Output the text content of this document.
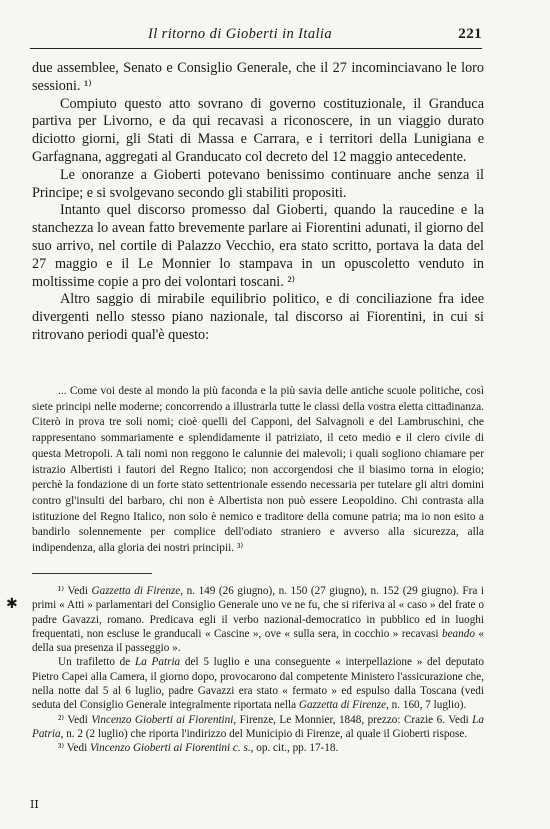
Il ritorno di Gioberti in Italia	221

due assemblee, Senato e Consiglio Generale, che il 27 incominciavano le loro sessioni. ¹⁾

Compiuto questo atto sovrano di governo costituzionale, il Granduca partiva per Livorno, e da qui recavasi a riconoscere, in un viaggio durato diciotto giorni, gli Stati di Massa e Carrara, e i territori della Lunigiana e Garfagnana, aggregati al Granducato col decreto del 12 maggio antecedente.

Le onoranze a Gioberti potevano benissimo continuare anche senza il Principe; e si svolgevano secondo gli stabiliti propositi.

Intanto quel discorso promesso dal Gioberti, quando la raucedine e la stanchezza lo avean fatto brevemente parlare ai Fiorentini adunati, il giorno del suo arrivo, nel cortile di Palazzo Vecchio, era stato scritto, portava la data del 27 maggio e il Le Monnier lo stampava in un opuscoletto venduto in moltissime copie a pro dei volontari toscani. ²⁾

Altro saggio di mirabile equilibrio politico, e di conciliazione fra idee divergenti nello stesso piano nazionale, tal discorso ai Fiorentini, in cui si ritrovano periodi qual'è questo:

... Come voi deste al mondo la più faconda e la più savia delle antiche scuole politiche, così siete principi nelle moderne; concorrendo a illustrarla tutte le classi della vostra eletta cittadinanza. Citerò in prova tre soli nomi; cioè quelli del Capponi, del Salvagnoli e del Lambruschini, che rappresentano sommariamente e splendidamente il patriziato, il ceto medio e il clero civile di questa Metropoli. A tali nomi non reggono le calunnie dei malevoli; i quali sogliono chiamare per istrazio Albertisti i fautori del Regno Italico; non accorgendosi che il biasimo torna in elogio; perchè la fondazione di un forte stato settentrionale essendo necessaria per tutelare gli altri domini contro gl'insulti del barbaro, chi non è Albertista non può essere Leopoldino. Chi contrasta alla istituzione del Regno Italico, non solo è nemico e traditore della comune patria; ma io non esito a bandirlo solennemente per complice dell'odiato straniero e avverso alla sicurezza, alla indipendenza, alla gloria dei nostri principii. ³⁾

¹⁾ Vedi Gazzetta di Firenze, n. 149 (26 giugno), n. 150 (27 giugno), n. 152 (29 giugno). Fra i primi « Atti » parlamentari del Consiglio Generale uno ve ne fu, che si riferiva al « caso » del frate o padre Gavazzi, romano. Predicava egli il verbo nazional-democratico in pubblico ed in luoghi frequentati, non escluse le granducali « Cascine », ove « sulla sera, in cocchio » recavasi beando « della sua presenza il passeggio ».

Un trafiletto de La Patria del 5 luglio e una conseguente « interpellazione » del deputato Pietro Capei alla Camera, il giorno dopo, provocarono dal competente Ministero l'assicurazione che, nella notte dal 5 al 6 luglio, padre Gavazzi era stato « fermato » ed espulso dalla Toscana (vedi seduta del Consiglio Generale integralmente riportata nella Gazzetta di Firenze, n. 160, 7 luglio).

²⁾ Vedi Vincenzo Gioberti ai Fiorentini, Firenze, Le Monnier, 1848, prezzo: Crazie 6. Vedi La Patria, n. 2 (2 luglio) che riporta l'indirizzo del Municipio di Firenze, al quale il Gioberti rispose.

³⁾ Vedi Vincenzo Gioberti ai Fiorentini c. s., op. cit., pp. 17-18.

✱
II
